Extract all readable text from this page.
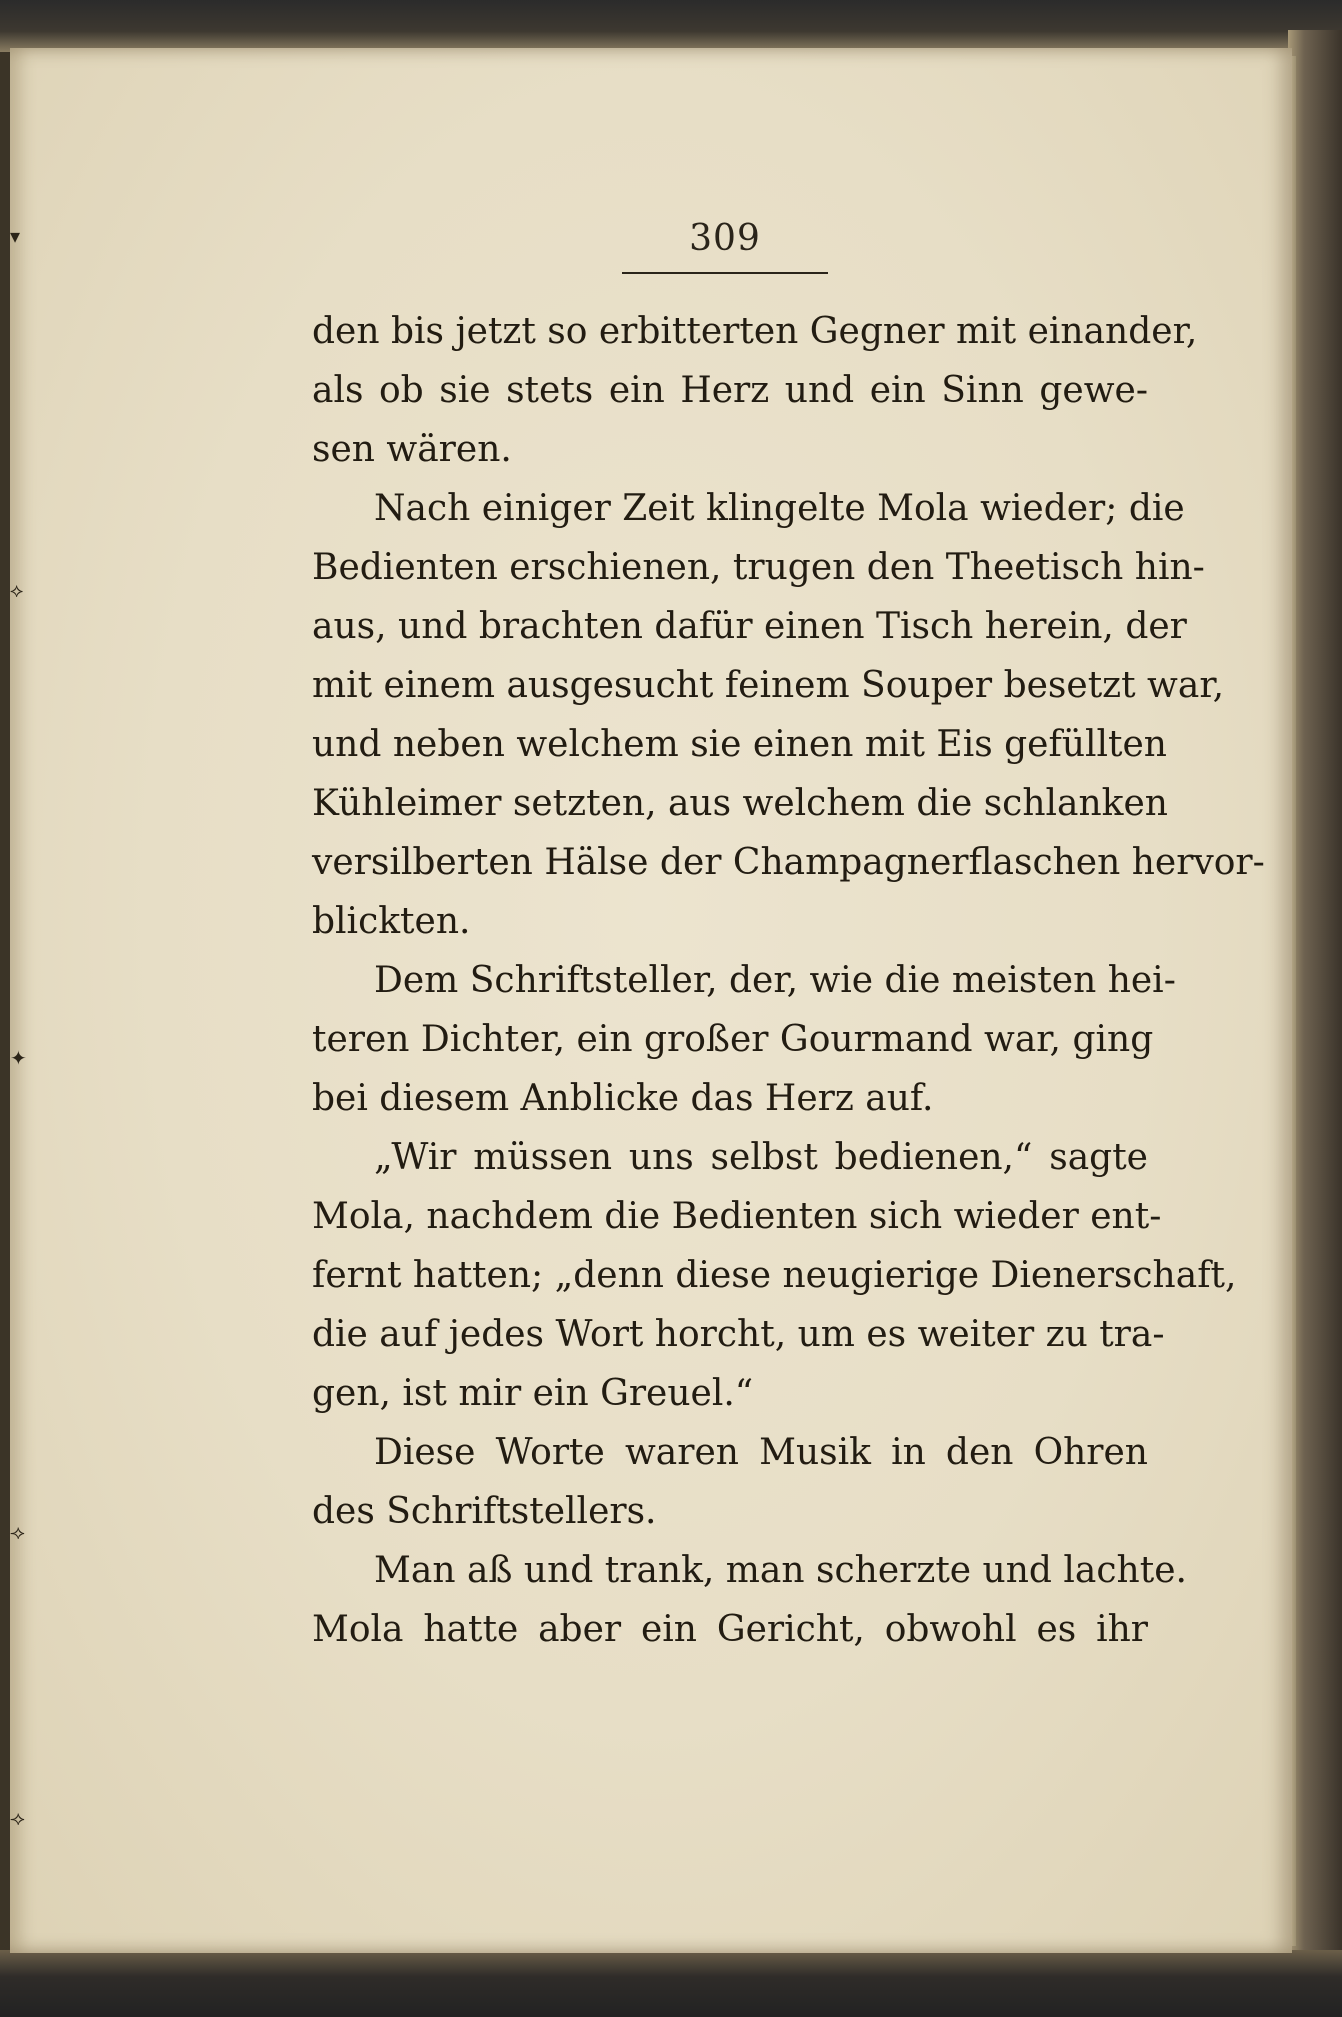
▾
⟡
✦
⟢
⟢
309
den bis jetzt so erbitterten Gegner mit einander,
als ob sie stets ein Herz und ein Sinn gewe-
sen wären.
Nach einiger Zeit klingelte Mola wieder; die
Bedienten erschienen, trugen den Theetisch hin-
aus, und brachten dafür einen Tisch herein, der
mit einem ausgesucht feinem Souper besetzt war,
und neben welchem sie einen mit Eis gefüllten
Kühleimer setzten, aus welchem die schlanken
versilberten Hälse der Champagnerflaschen hervor-
blickten.
Dem Schriftsteller, der, wie die meisten hei-
teren Dichter, ein großer Gourmand war, ging
bei diesem Anblicke das Herz auf.
„Wir müssen uns selbst bedienen,“ sagte
Mola, nachdem die Bedienten sich wieder ent-
fernt hatten; „denn diese neugierige Dienerschaft,
die auf jedes Wort horcht, um es weiter zu tra-
gen, ist mir ein Greuel.“
Diese Worte waren Musik in den Ohren
des Schriftstellers.
Man aß und trank, man scherzte und lachte.
Mola hatte aber ein Gericht, obwohl es ihr
